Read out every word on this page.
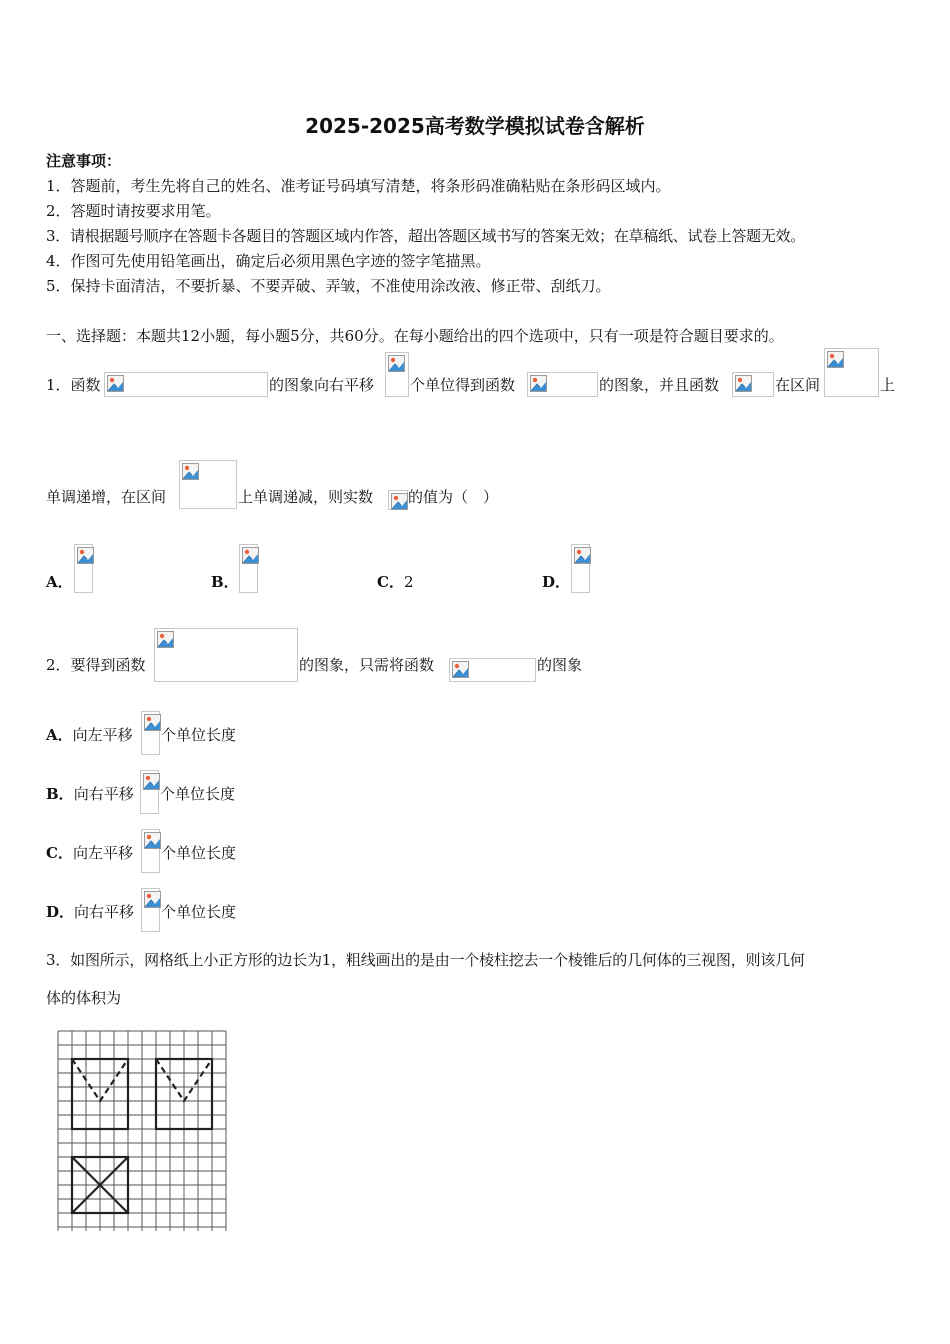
2025-2025高考数学模拟试卷含解析
注意事项：
1．答题前，考生先将自己的姓名、准考证号码填写清楚，将条形码准确粘贴在条形码区域内。
2．答题时请按要求用笔。
3．请根据题号顺序在答题卡各题目的答题区域内作答，超出答题区域书写的答案无效；在草稿纸、试卷上答题无效。
4．作图可先使用铅笔画出，确定后必须用黑色字迹的签字笔描黑。
5．保持卡面清洁，不要折暴、不要弄破、弄皱，不准使用涂改液、修正带、刮纸刀。
一、选择题：本题共12小题，每小题5分，共60分。在每小题给出的四个选项中，只有一项是符合题目要求的。
1．函数	的图象向右平移 个单位得到函数	的图象，并且函数	在区间	上
单调递增，在区间	上单调递减，则实数 的值为（　）
A．	B．	C． 2	D．
2．要得到函数	的图象，只需将函数	的图象
A．向左平移 个单位长度
B．向右平移 个单位长度
C．向左平移 个单位长度
D．向右平移 个单位长度
3．如图所示，网格纸上小正方形的边长为1，粗线画出的是由一个棱柱挖去一个棱锥后的几何体的三视图，则该几何
体的体积为
